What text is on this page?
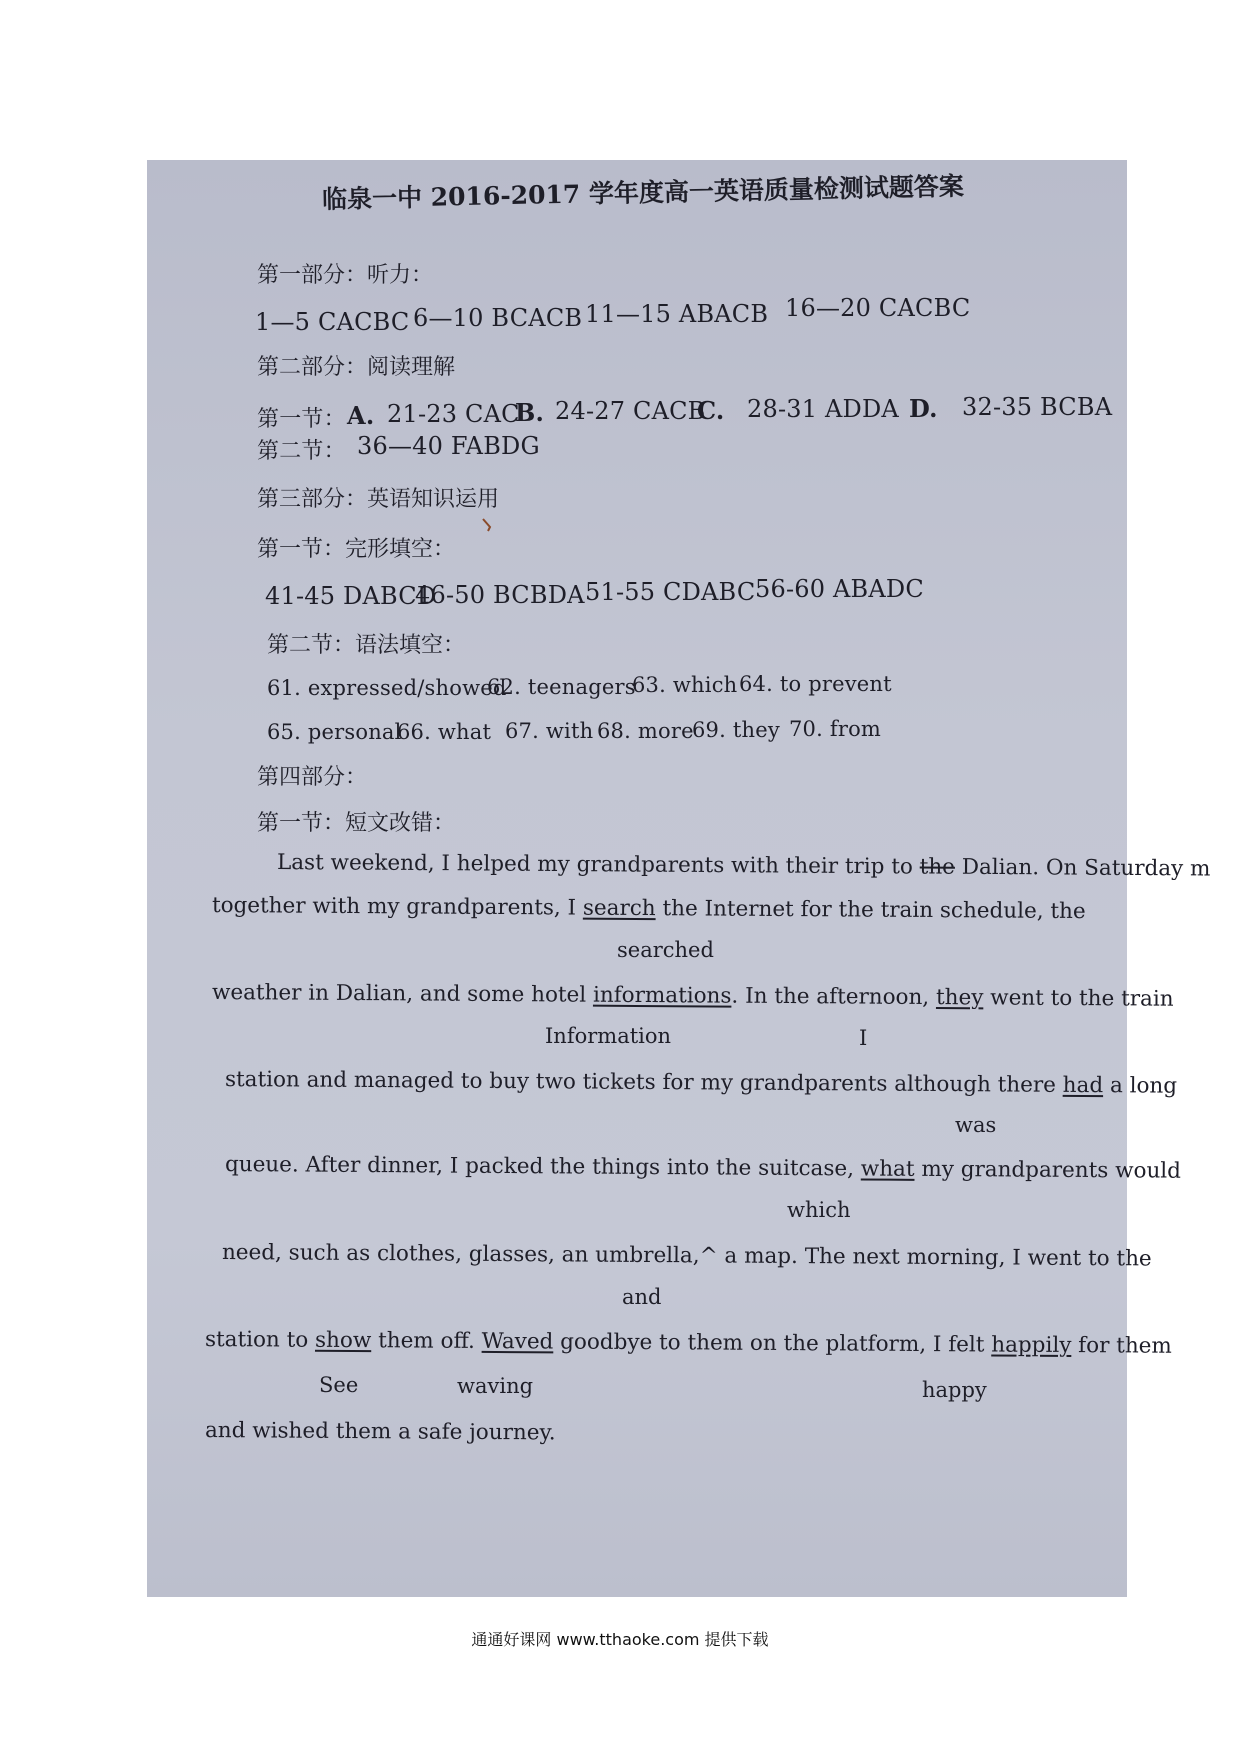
临泉一中 2016-2017 学年度高一英语质量检测试题答案
第一部分：听力：
1—5 CACBC 6—10 BCACB 11—15 ABACB 16—20 CACBC
第二部分：阅读理解
第一节： A. 21-23 CAC
B. 24-27 CACB
C. 28-31 ADDA D. 32-35 BCBA
第二节： 36—40 FABDG
第三部分：英语知识运用
第一节：完形填空：
41-45 DABCD
46-50 BCBDA 51-55 CDABC 56-60 ABADC
第二节：语法填空：
61. expressed/showed
62. teenagers
63. which 64. to prevent
65. personal
66. what 67. with 68. more
69. they 70. from
第四部分：
第一节：短文改错：
Last weekend, I helped my grandparents with their trip to the Dalian. On Saturday m
together with my grandparents, I search the Internet for the train schedule, the
searched
weather in Dalian, and some hotel informations. In the afternoon, they went to the train
Information	I
station and managed to buy two tickets for my grandparents although there had a long
was
queue. After dinner, I packed the things into the suitcase, what my grandparents would
which
need, such as clothes, glasses, an umbrella,^ a map. The next morning, I went to the
and
station to show them off. Waved goodbye to them on the platform, I felt happily for them
See	waving	happy
and wished them a safe journey.
通通好课网 www.tthaoke.com 提供下载
